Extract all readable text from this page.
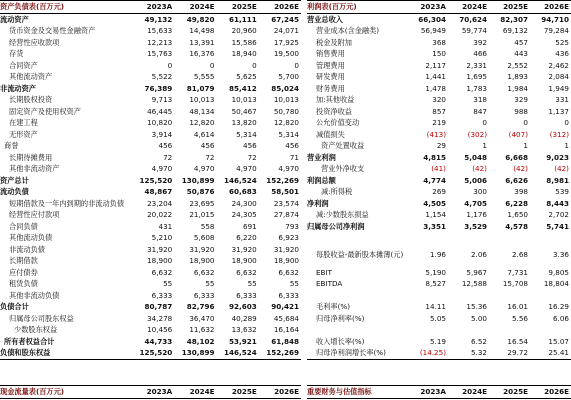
资产负债表(百万元)	2023A	2024E	2025E	2026E
流动资产	49,132	49,820	61,111	67,245
货币资金及交易性金融资产	15,633	14,498	20,960	24,071
经营性应收款项	12,213	13,391	15,586	17,925
存货	15,763	16,376	18,940	19,500
合同资产	0	0	0	0
其他流动资产	5,522	5,555	5,625	5,700
非流动资产	76,389	81,079	85,412	85,024
长期股权投资	9,713	10,013	10,013	10,013
固定资产及使用权资产	46,445	48,134	50,467	50,780
在建工程	10,820	12,820	13,820	12,820
无形资产	3,914	4,614	5,314	5,314
商誉	456	456	456	456
长期待摊费用	72	72	72	71
其他非流动资产	4,970	4,970	4,970	4,970
资产总计	125,520	130,899	146,524	152,269
流动负债	48,867	50,876	60,683	58,501
短期借款及一年内到期的非流动负债	23,204	23,695	24,300	23,574
经营性应付款项	20,022	21,015	24,305	27,874
合同负债	431	558	691	793
其他流动负债	5,210	5,608	6,220	6,923
非流动负债	31,920	31,920	31,920	31,920
长期借款	18,900	18,900	18,900	18,900
应付债券	6,632	6,632	6,632	6,632
租赁负债	55	55	55	55
其他非流动负债	6,333	6,333	6,333	6,333
负债合计	80,787	82,796	92,603	90,421
归属母公司股东权益	34,278	36,470	40,289	45,684
少数股东权益	10,456	11,632	13,632	16,164
所有者权益合计	44,733	48,102	53,921	61,848
负债和股东权益	125,520	130,899	146,524	152,269
利润表(百万元)	2023A	2024E	2025E	2026E
营业总收入	66,304	70,624	82,307	94,710
营业成本(含金融类)	56,949	59,774	69,132	79,284
税金及附加	368	392	457	525
销售费用	150	466	443	436
管理费用	2,117	2,331	2,552	2,462
研发费用	1,441	1,695	1,893	2,084
财务费用	1,478	1,783	1,984	1,949
加:其他收益	320	318	329	331
投资净收益	857	847	988	1,137
公允价值变动	219	0	0	0
减值损失	(413)	(302)	(407)	(312)
资产处置收益	29	1	1	1
营业利润	4,815	5,048	6,668	9,023
营业外净收支	(41)	(42)	(42)	(42)
利润总额	4,774	5,006	6,626	8,981
减:所得税	269	300	398	539
净利润	4,505	4,705	6,228	8,443
减:少数股东损益	1,154	1,176	1,650	2,702
归属母公司净利润	3,351	3,529	4,578	5,741

每股收益-最新股本摊薄(元)	1.96	2.06	2.68	3.36
EBIT	5,190	5,967	7,731	9,805
EBITDA	8,527	12,588	15,708	18,804

毛利率(%)	14.11	15.36	16.01	16.29
归母净利率(%)	5.05	5.00	5.56	6.06

收入增长率(%)	5.19	6.52	16.54	15.07
归母净利润增长率(%)	(14.25)	5.32	29.72	25.41
现金流量表(百万元)	2023A	2024E	2025E	2026E 重要财务与估值指标	2023A	2024E	2025E	2026E
